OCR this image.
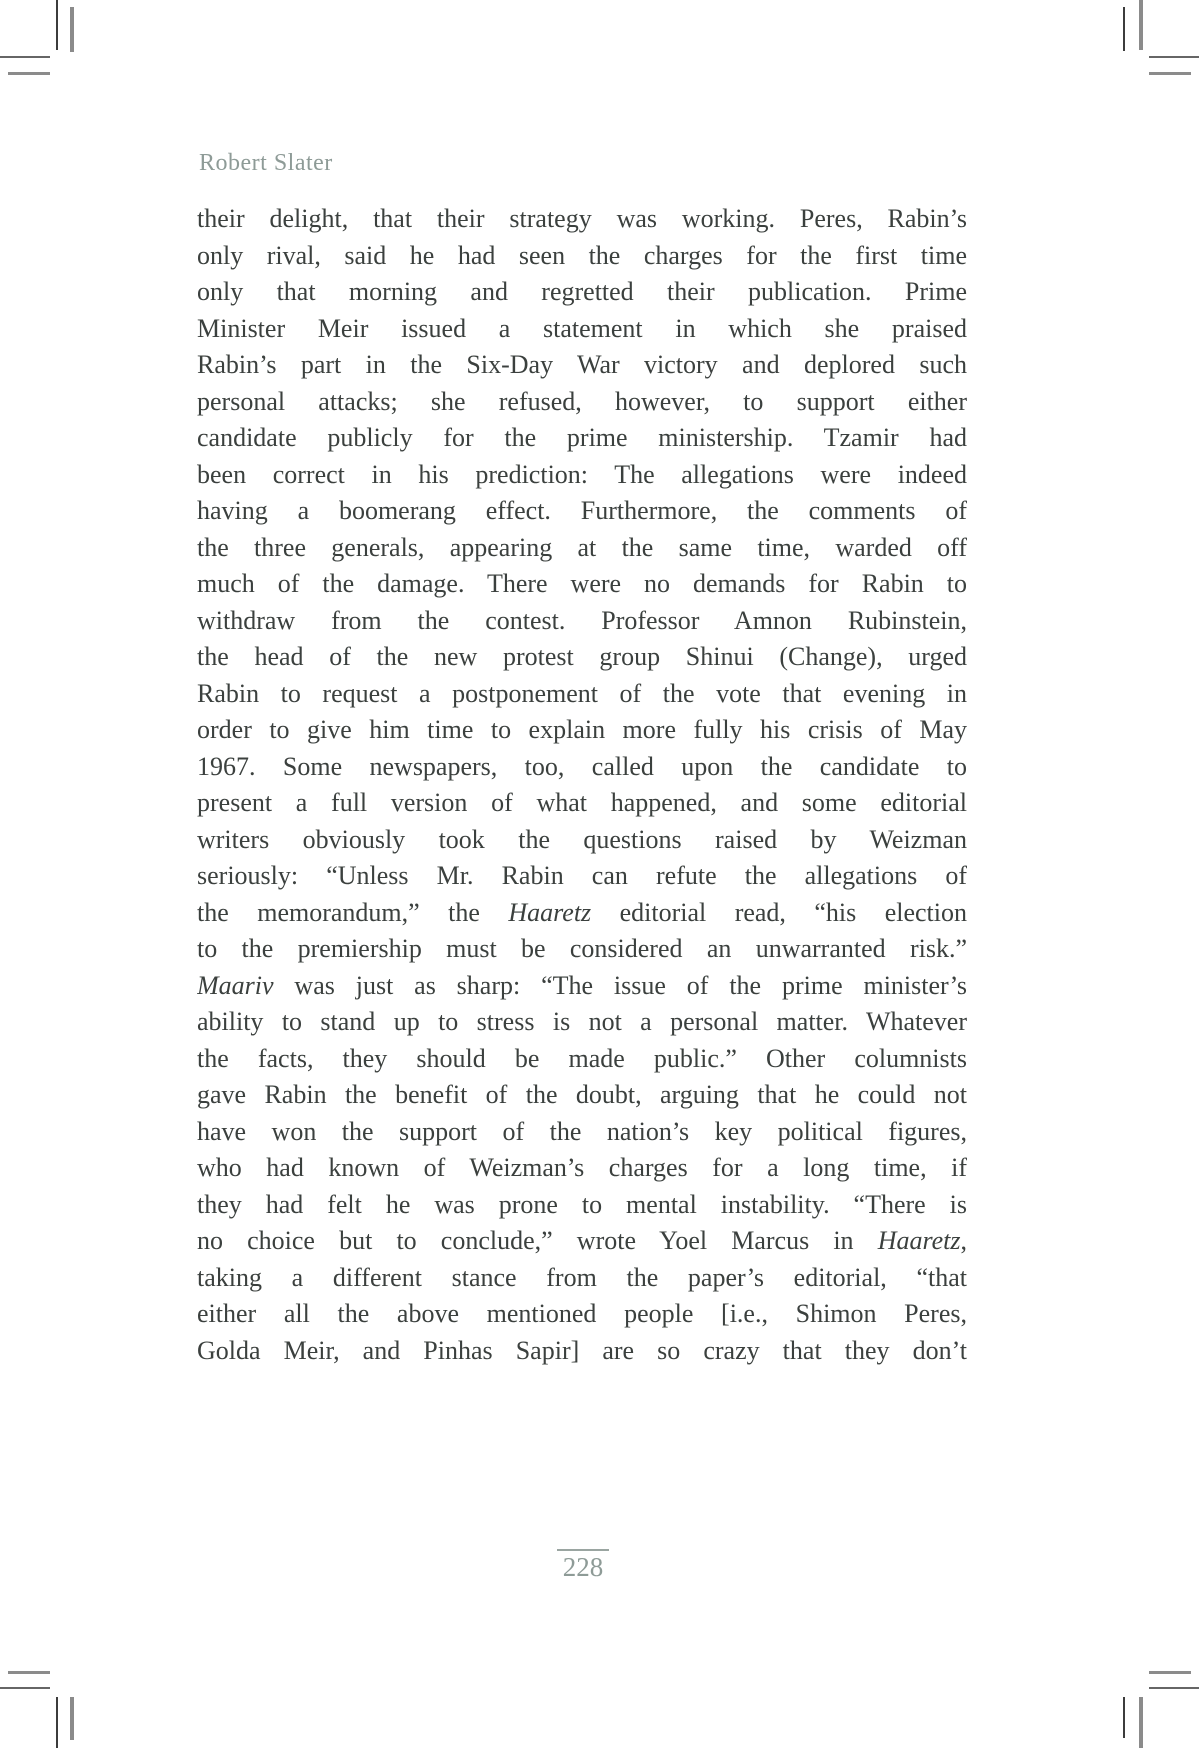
Robert Slater
their delight, that their strategy was working. Peres, Rabin’s
only rival, said he had seen the charges for the first time
only that morning and regretted their publication. Prime
Minister Meir issued a statement in which she praised
Rabin’s part in the Six-Day War victory and deplored such
personal attacks; she refused, however, to support either
candidate publicly for the prime ministership. Tzamir had
been correct in his prediction: The allegations were indeed
having a boomerang effect. Furthermore, the comments of
the three generals, appearing at the same time, warded off
much of the damage. There were no demands for Rabin to
withdraw from the contest. Professor Amnon Rubinstein,
the head of the new protest group Shinui (Change), urged
Rabin to request a postponement of the vote that evening in
order to give him time to explain more fully his crisis of May
1967. Some newspapers, too, called upon the candidate to
present a full version of what happened, and some editorial
writers obviously took the questions raised by Weizman
seriously: “Unless Mr. Rabin can refute the allegations of
the memorandum,” the Haaretz editorial read, “his election
to the premiership must be considered an unwarranted risk.”
Maariv was just as sharp: “The issue of the prime minister’s
ability to stand up to stress is not a personal matter. Whatever
the facts, they should be made public.” Other columnists
gave Rabin the benefit of the doubt, arguing that he could not
have won the support of the nation’s key political figures,
who had known of Weizman’s charges for a long time, if
they had felt he was prone to mental instability. “There is
no choice but to conclude,” wrote Yoel Marcus in Haaretz,
taking a different stance from the paper’s editorial, “that
either all the above mentioned people [i.e., Shimon Peres,
Golda Meir, and Pinhas Sapir] are so crazy that they don’t
228
